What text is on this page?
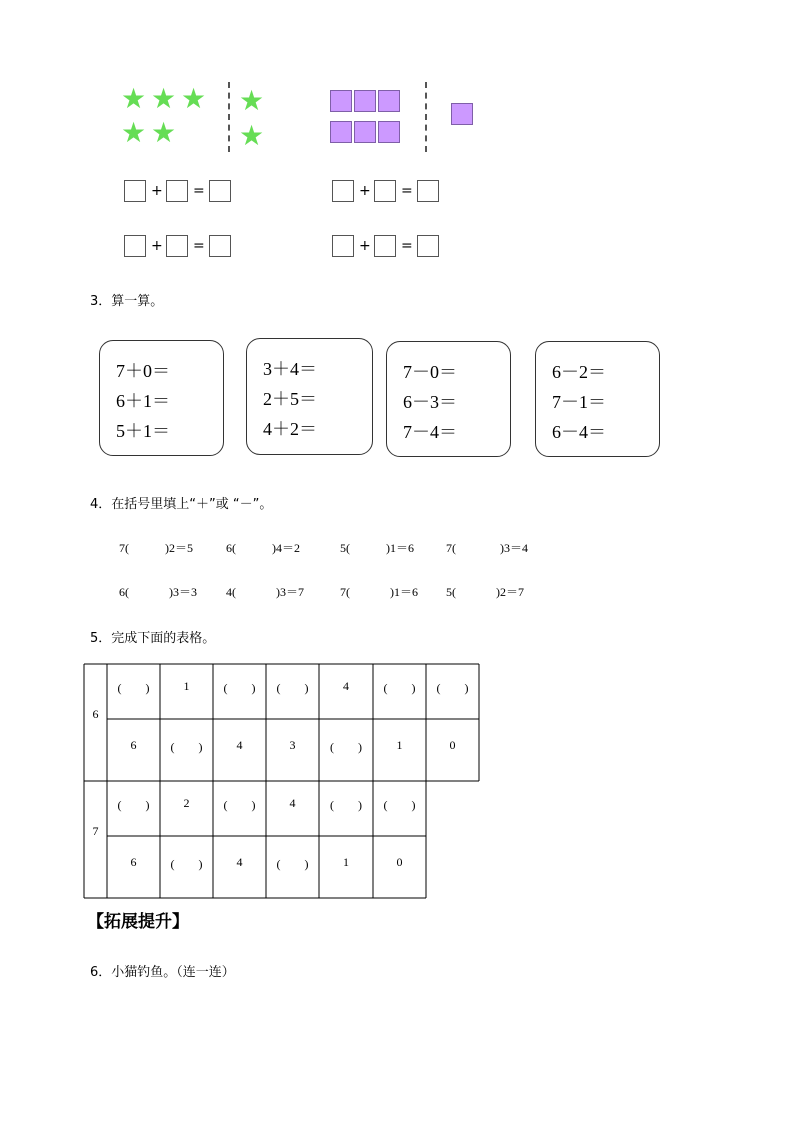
★ ★ ★
★ ★
★
★
+ =	+ =
+ =	+ =
3．算一算。
7＋0＝
6＋1＝
5＋1＝
3＋4＝
2＋5＝
4＋2＝
7－0＝
6－3＝
7－4＝
6－2＝
7－1＝
6－4＝
4．在括号里填上“＋”或 “－”。
7(	)2＝5	6(	)4＝2	5(	)1＝6	7(	)3＝4
6(	)3＝3 4(	)3＝7	7(	)1＝6 5(	)2＝7
5．完成下面的表格。
6
(　　)	1	(　　)	(　　)	4	(　　)	(　　)
6	(　　)	4	3	(　　)	1	0
7
(　　)	2	(　　)	4	(　　)	(　　)
6	(　　)	4	(　　)	1	0
【拓展提升】
6．小猫钓鱼。（连一连）
